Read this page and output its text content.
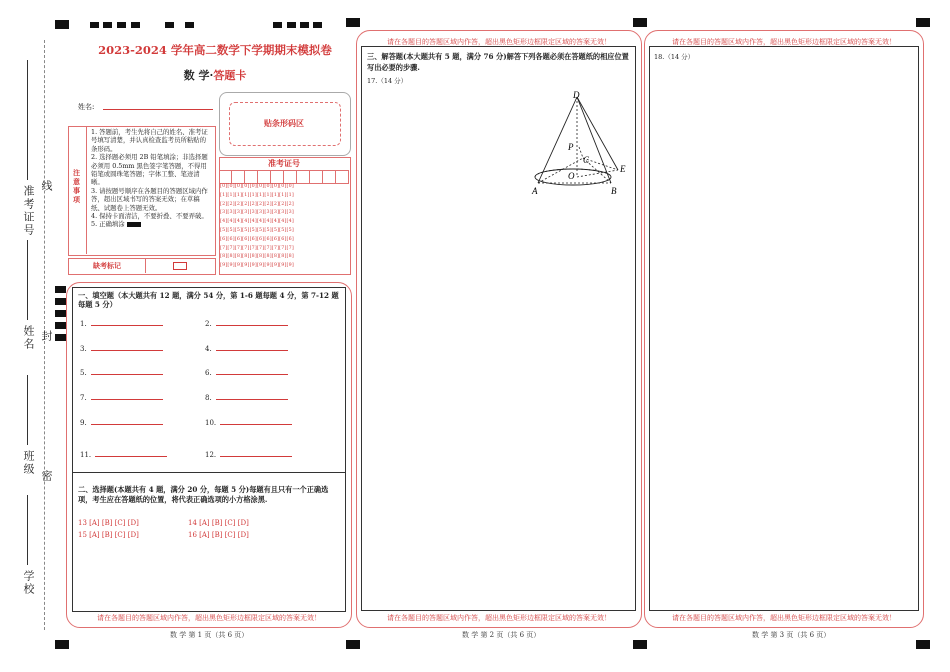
准考证号 线
姓名 封
班级
密
学校
2023-2024 学年高二数学下学期期末模拟卷
数 学·答题卡
姓名:
贴条形码区
注意事项
1. 答题前，考生先将自己的姓名、准考证号填写清楚，并认真检查监考员所粘贴的条形码。
2. 选择题必须用 2B 铅笔填涂；非选择题必须用 0.5mm 黑色签字笔答题，不得用铅笔或圆珠笔答题；字体工整、笔迹清晰。
3. 请按题号顺序在各题目的答题区域内作答，超出区域书写的答案无效；在草稿纸、试题卷上答题无效。
4. 保持卡面清洁，不要折叠、不要弄破。
5. 正确填涂
准考证号
[0][0][0][0][0][0][0][0][0][0]
[1][1][1][1][1][1][1][1][1][1]
[2][2][2][2][2][2][2][2][2][2]
[3][3][3][3][3][3][3][3][3][3]
[4][4][4][4][4][4][4][4][4][4]
[5][5][5][5][5][5][5][5][5][5]
[6][6][6][6][6][6][6][6][6][6]
[7][7][7][7][7][7][7][7][7][7]
[8][8][8][8][8][8][8][8][8][8]
[9][9][9][9][9][9][9][9][9][9]
缺考标记
一、填空题（本大题共有 12 题，满分 54 分，第 1-6 题每题 4 分，第 7-12 题每题 5 分）
1.	2.
3.	4.
5.	6.
7.	8.
9.	10.
11.	12.
二、选择题(本题共有 4 题，满分 20 分，每题 5 分)每题有且只有一个正确选项，考生应在答题纸的位置，将代表正确选项的小方格涂黑.
13 [A] [B] [C] [D]	14 [A] [B] [C] [D]
15 [A] [B] [C] [D]	16 [A] [B] [C] [D]
请在各题目的答题区域内作答，超出黑色矩形边框限定区域的答案无效！
数 学 第 1 页（共 6 页）
请在各题目的答题区域内作答，超出黑色矩形边框限定区域的答案无效！
三、解答题(本大题共有 5 题，满分 76 分)解答下列各题必须在答题纸的相应位置写出必要的步骤.
17.（14 分）
D
P
C
E
O
A	B
请在各题目的答题区域内作答，超出黑色矩形边框限定区域的答案无效！
数 学 第 2 页（共 6 页）
请在各题目的答题区域内作答，超出黑色矩形边框限定区域的答案无效！
18.（14 分）
请在各题目的答题区域内作答，超出黑色矩形边框限定区域的答案无效！
数 学 第 3 页（共 6 页）
